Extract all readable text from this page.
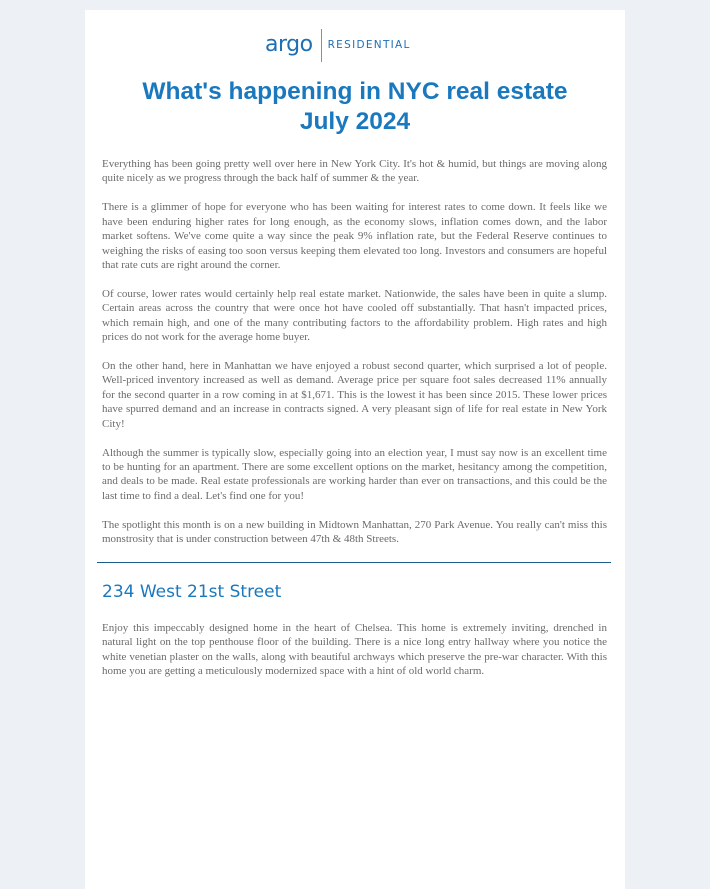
argo RESIDENTIAL
What's happening in NYC real estate
July 2024

Everything has been going pretty well over here in New York City. It's hot & humid, but things are moving along quite nicely as we progress through the back half of summer & the year.

There is a glimmer of hope for everyone who has been waiting for interest rates to come down. It feels like we have been enduring higher rates for long enough, as the economy slows, inflation comes down, and the labor market softens. We've come quite a way since the peak 9% inflation rate, but the Federal Reserve continues to weighing the risks of easing too soon versus keeping them elevated too long. Investors and consumers are hopeful that rate cuts are right around the corner.

Of course, lower rates would certainly help real estate market. Nationwide, the sales have been in quite a slump. Certain areas across the country that were once hot have cooled off substantially. That hasn't impacted prices, which remain high, and one of the many contributing factors to the affordability problem. High rates and high prices do not work for the average home buyer.

On the other hand, here in Manhattan we have enjoyed a robust second quarter, which surprised a lot of people. Well-priced inventory increased as well as demand. Average price per square foot sales decreased 11% annually for the second quarter in a row coming in at $1,671. This is the lowest it has been since 2015. These lower prices have spurred demand and an increase in contracts signed. A very pleasant sign of life for real estate in New York City!

Although the summer is typically slow, especially going into an election year, I must say now is an excellent time to be hunting for an apartment. There are some excellent options on the market, hesitancy among the competition, and deals to be made. Real estate professionals are working harder than ever on transactions, and this could be the last time to find a deal. Let's find one for you!

The spotlight this month is on a new building in Midtown Manhattan, 270 Park Avenue. You really can't miss this monstrosity that is under construction between 47th & 48th Streets.

234 West 21st Street

Enjoy this impeccably designed home in the heart of Chelsea. This home is extremely inviting, drenched in natural light on the top penthouse floor of the building. There is a nice long entry hallway where you notice the white venetian plaster on the walls, along with beautiful archways which preserve the pre-war character. With this home you are getting a meticulously modernized space with a hint of old world charm.
